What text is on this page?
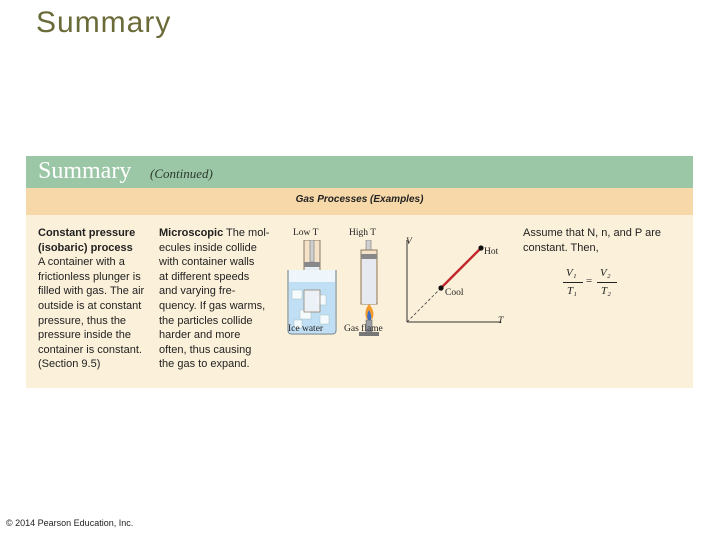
Summary
Summary (Continued)
Gas Processes (Examples)
Constant pressure
(isobaric) process
A container with a
frictionless plunger is
filled with gas. The air
outside is at constant
pressure, thus the
pressure inside the
container is constant.
(Section 9.5)
Microscopic The mol-
ecules inside collide
with container walls
at different speeds
and varying fre-
quency. If gas warms,
the particles collide
harder and more
often, thus causing
the gas to expand.
Low T	High T
Ice water Gas flame
V
T
Hot
Cool
Assume that N, n, and P are
constant. Then,
V₁
T₁
=
V₂
T₂
© 2014 Pearson Education, Inc.
